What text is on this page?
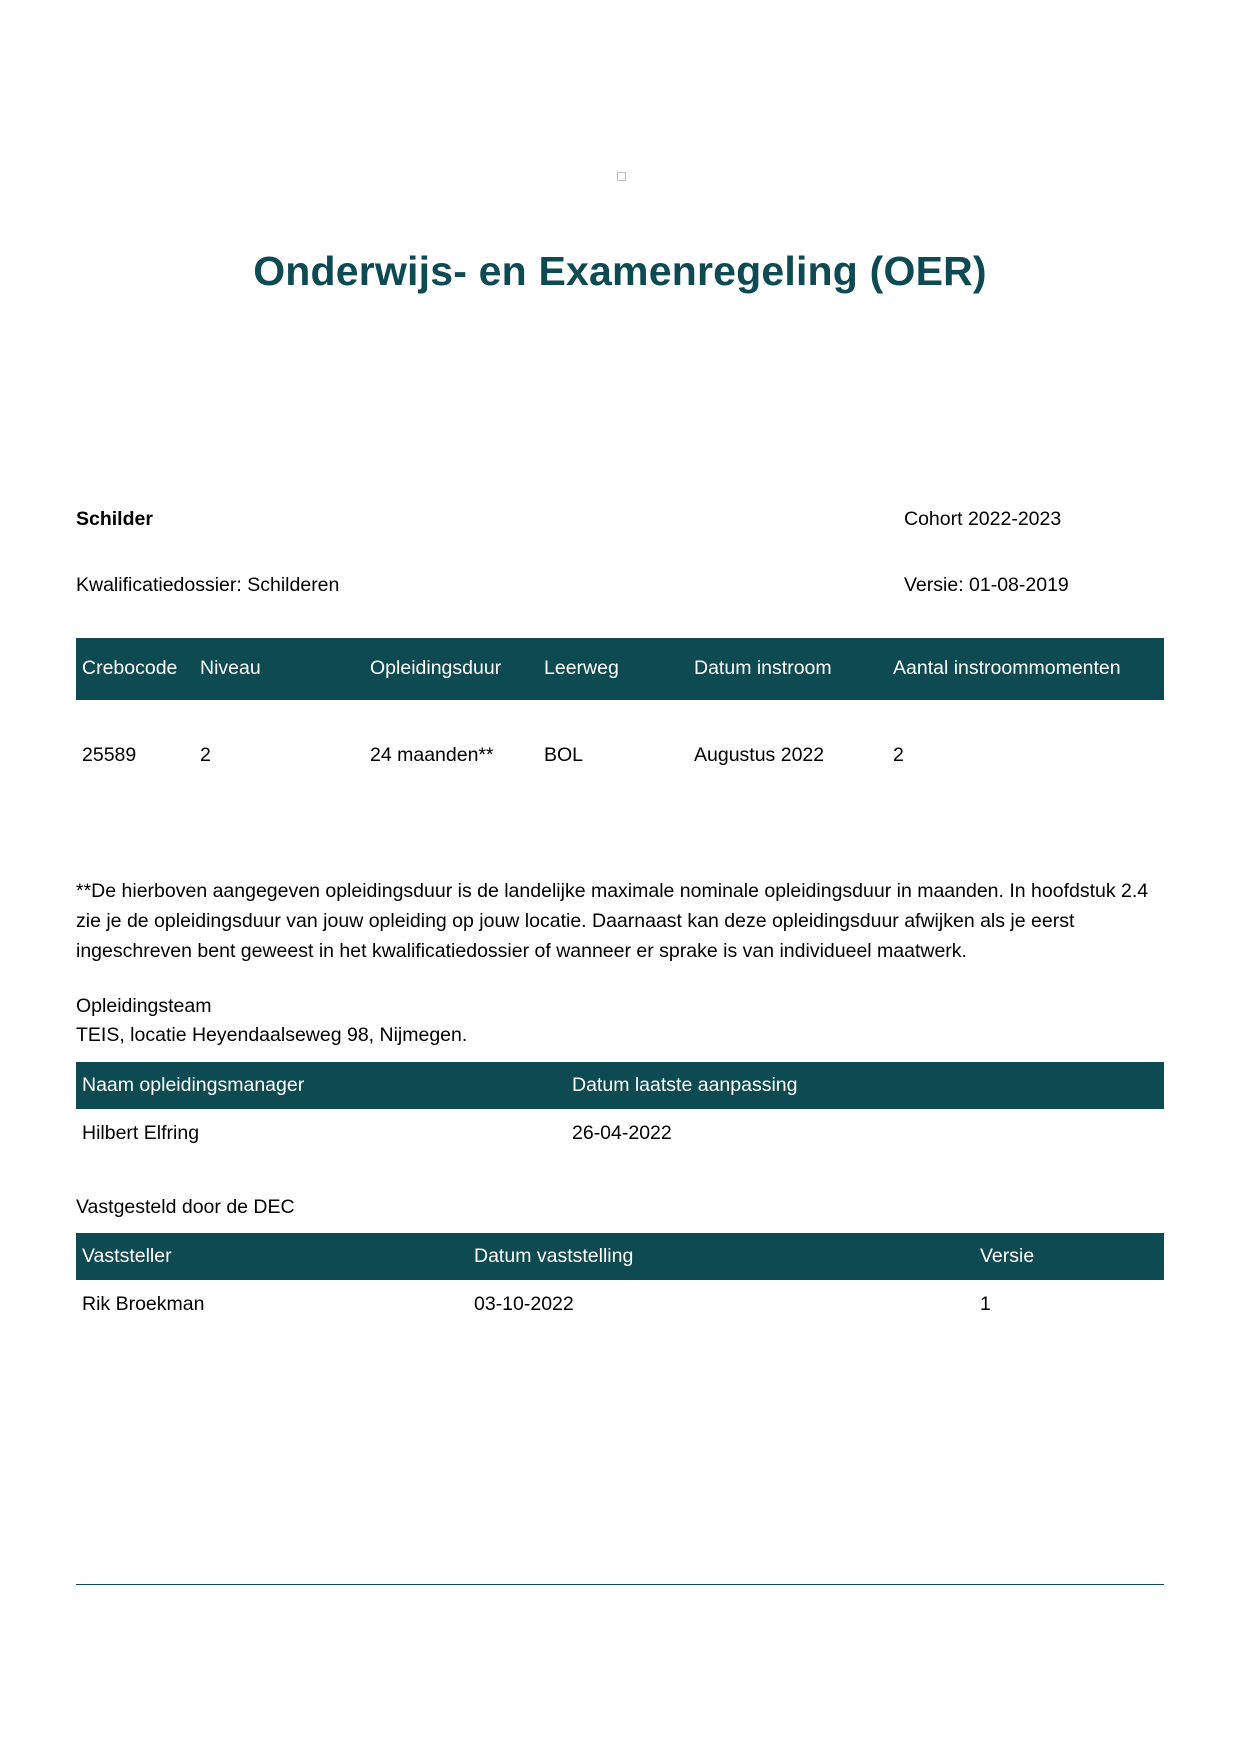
Onderwijs- en Examenregeling (OER)
Schilder	Cohort 2022-2023
Kwalificatiedossier: Schilderen	Versie: 01-08-2019
Crebocode	Niveau	Opleidingsduur	Leerweg	Datum instroom	Aantal instroommomenten
25589	2	24 maanden**	BOL	Augustus 2022	2

**De hierboven aangegeven opleidingsduur is de landelijke maximale nominale opleidingsduur in maanden. In hoofdstuk 2.4 zie je de opleidingsduur van jouw opleiding op jouw locatie. Daarnaast kan deze opleidingsduur afwijken als je eerst ingeschreven bent geweest in het kwalificatiedossier of wanneer er sprake is van individueel maatwerk.

Opleidingsteam
TEIS, locatie Heyendaalseweg 98, Nijmegen.
Naam opleidingsmanager	Datum laatste aanpassing
Hilbert Elfring	26-04-2022
Vastgesteld door de DEC
Vaststeller	Datum vaststelling	Versie
Rik Broekman	03-10-2022	1
